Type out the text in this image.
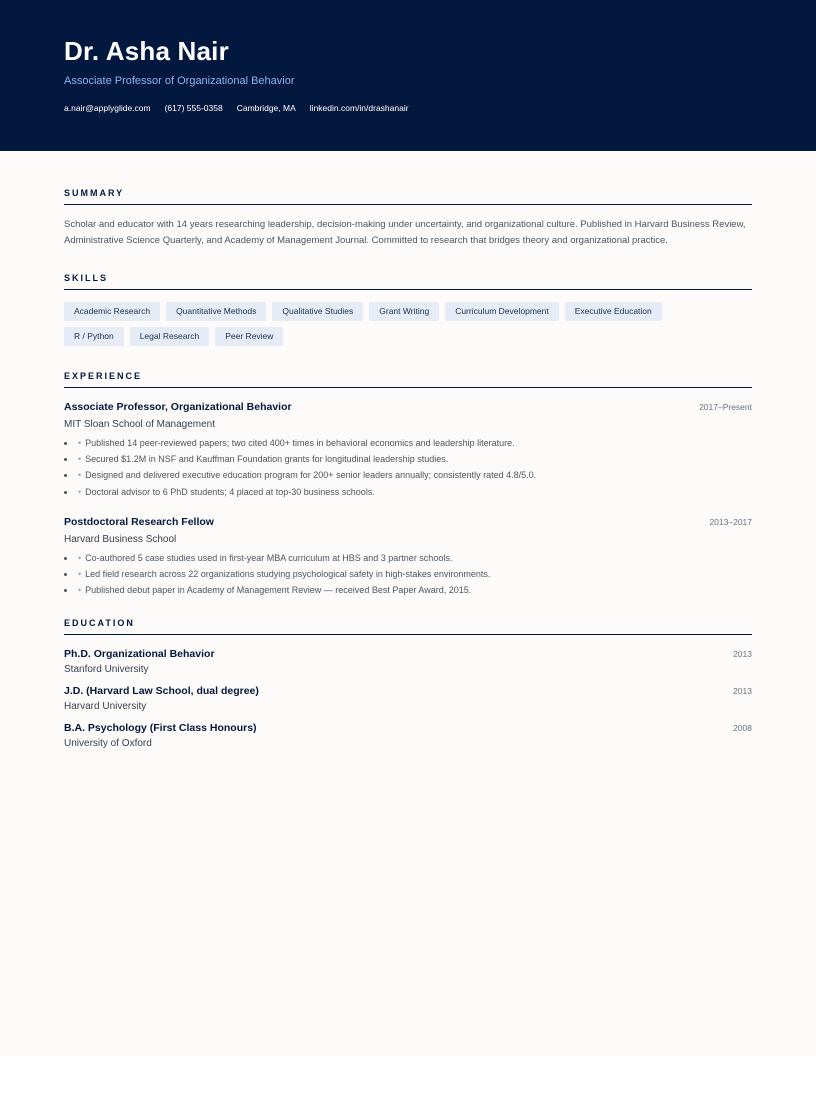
Dr. Asha Nair
Associate Professor of Organizational Behavior
a.nair@applyglide.com (617) 555-0358 Cambridge, MA linkedin.com/in/drashanair
SUMMARY

Scholar and educator with 14 years researching leadership, decision-making under uncertainty, and organizational culture. Published in Harvard Business Review, Administrative Science Quarterly, and Academy of Management Journal. Committed to research that bridges theory and organizational practice.

SKILLS
Academic Research	Quantitative Methods	Qualitative Studies	Grant Writing	Curriculum Development	Executive Education
R / Python	Legal Research	Peer Review
EXPERIENCE
Associate Professor, Organizational Behavior	2017–Present
MIT Sloan School of Management
• • Published 14 peer-reviewed papers; two cited 400+ times in behavioral economics and leadership literature.
• • Secured $1.2M in NSF and Kauffman Foundation grants for longitudinal leadership studies.
• • Designed and delivered executive education program for 200+ senior leaders annually; consistently rated 4.8/5.0.
• • Doctoral advisor to 6 PhD students; 4 placed at top-30 business schools.
Postdoctoral Research Fellow	2013–2017
Harvard Business School
• • Co-authored 5 case studies used in first-year MBA curriculum at HBS and 3 partner schools.
• • Led field research across 22 organizations studying psychological safety in high-stakes environments.
• • Published debut paper in Academy of Management Review — received Best Paper Award, 2015.
EDUCATION
Ph.D. Organizational Behavior	2013
Stanford University
J.D. (Harvard Law School, dual degree)	2013
Harvard University
B.A. Psychology (First Class Honours)	2008
University of Oxford
